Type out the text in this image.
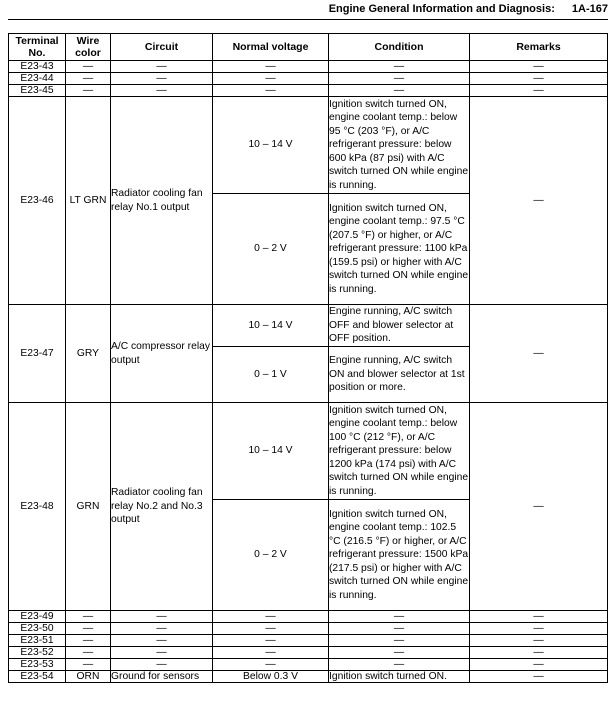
Engine General Information and Diagnosis: 1A-167
Terminal No.	Wire color	Circuit	Normal voltage	Condition	Remarks
E23-43	—	—	—	—	—
E23-44	—	—	—	—	—
E23-45	—	—	—	—	—
E23-46	LT GRN	Radiator cooling fan relay No.1 output	10 – 14 V	Ignition switch turned ON, engine coolant temp.: below 95 °C (203 °F), or A/C refrigerant pressure: below 600 kPa (87 psi) with A/C switch turned ON while engine is running.	—
			0 – 2 V	Ignition switch turned ON, engine coolant temp.: 97.5 °C (207.5 °F) or higher, or A/C refrigerant pressure: 1100 kPa (159.5 psi) or higher with A/C switch turned ON while engine is running.	
E23-47	GRY	A/C compressor relay output	10 – 14 V	Engine running, A/C switch OFF and blower selector at OFF position.	—
			0 – 1 V	Engine running, A/C switch ON and blower selector at 1st position or more.	
E23-48	GRN	Radiator cooling fan relay No.2 and No.3 output	10 – 14 V	Ignition switch turned ON, engine coolant temp.: below 100 °C (212 °F), or A/C refrigerant pressure: below 1200 kPa (174 psi) with A/C switch turned ON while engine is running.	—
			0 – 2 V	Ignition switch turned ON, engine coolant temp.: 102.5 °C (216.5 °F) or higher, or A/C refrigerant pressure: 1500 kPa (217.5 psi) or higher with A/C switch turned ON while engine is running.	
E23-49	—	—	—	—	—
E23-50	—	—	—	—	—
E23-51	—	—	—	—	—
E23-52	—	—	—	—	—
E23-53	—	—	—	—	—
E23-54	ORN	Ground for sensors	Below 0.3 V	Ignition switch turned ON.	—
